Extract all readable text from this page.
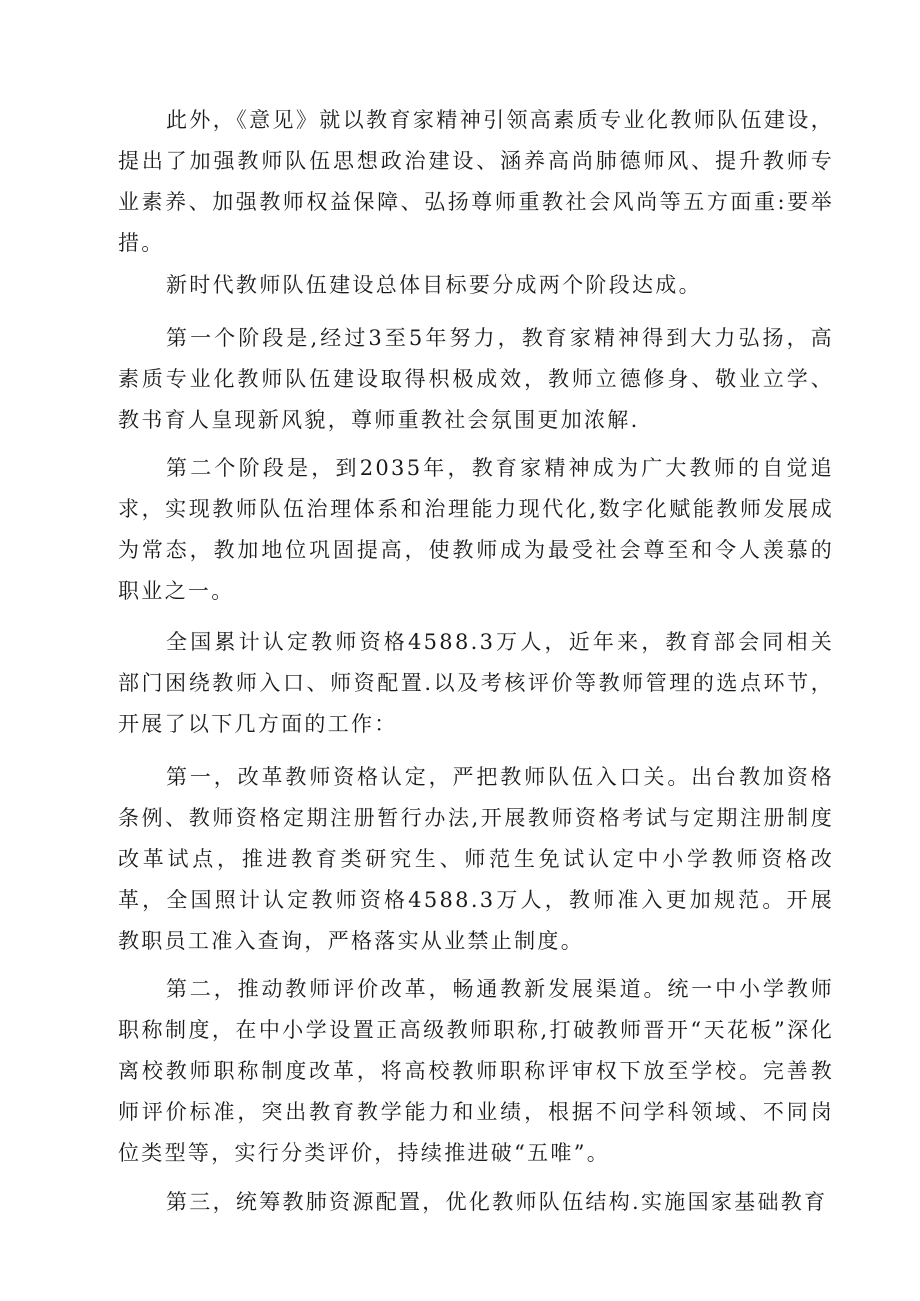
此外，《意见》就以教育家精神引领高素质专业化教师队伍建设，提出了加强教师队伍思想政治建设、涵养高尚肺德师风、提升教师专业素养、加强教师权益保障、弘扬尊师重教社会风尚等五方面重:要举措。

新时代教师队伍建设总体目标要分成两个阶段达成。

第一个阶段是,经过3至5年努力，教育家精神得到大力弘扬，高素质专业化教师队伍建设取得枳极成效，教师立德修身、敬业立学、教书育人皇现新风貌，尊师重教社会氛围更加浓解.

第二个阶段是，到2035年，教育家精神成为广大教师的自觉追求，实现教师队伍治理体系和治理能力现代化,数字化赋能教师发展成为常态，教加地位巩固提高，使教师成为最受社会尊至和令人羡慕的职业之一。

全国累计认定教师资格4588.3万人，近年来，教育部会同相关部门困绕教师入口、师资配置.以及考核评价等教师管理的选点环节，开展了以下几方面的工作：

第一，改革教师资格认定，严把教师队伍入口关。出台教加资格条例、教师资格定期注册暂行办法,开展教师资格考试与定期注册制度改革试点，推进教育类研究生、师范生免试认定中小学教师资格改革，全国照计认定教师资格4588.3万人，教师准入更加规范。开展教职员工准入查询，严格落实从业禁止制度。

第二，推动教师评价改革，畅通教新发展渠道。统一中小学教师职称制度，在中小学设置正高级教师职称,打破教师晋开“天花板”深化离校教师职称制度改革，将高校教师职称评审权下放至学校。完善教师评价标准，突出教育教学能力和业绩，根据不问学科领域、不同岗位类型等，实行分类评价，持续推进破“五唯”。

第三，统筹教肺资源配置，优化教师队伍结构.实施国家基础教育
